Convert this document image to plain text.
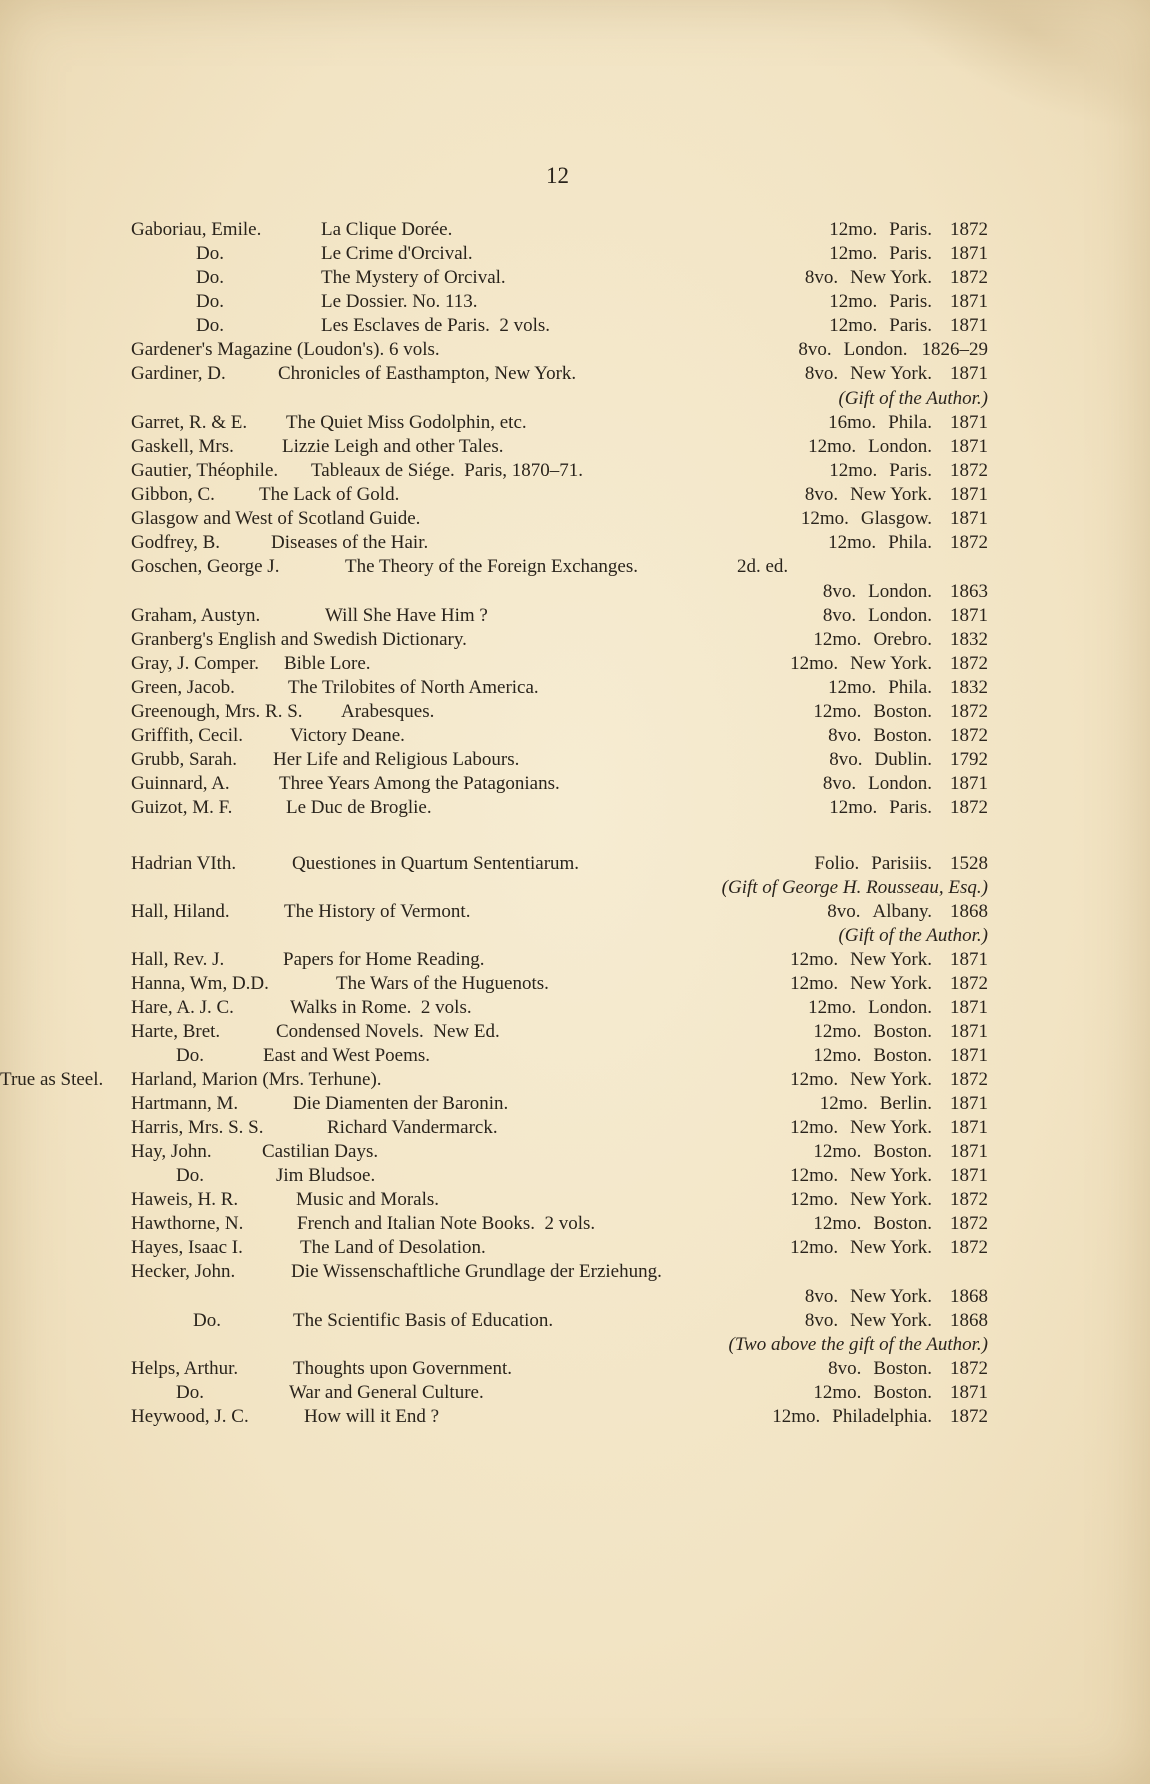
12
Gaboriau, Emile.	La Clique Dorée.	12mo. Paris. 1872
Do.	Le Crime d'Orcival.	12mo. Paris. 1871
Do.	The Mystery of Orcival.	8vo. New York. 1872
Do.	Le Dossier. No. 113.	12mo. Paris. 1871
Do.	Les Esclaves de Paris.  2 vols.	12mo. Paris. 1871
Gardener's Magazine (Loudon's). 6 vols.	8vo. London. 1826–29
Gardiner, D.	Chronicles of Easthampton, New York.	8vo. New York. 1871
(Gift of the Author.)
Garret, R. & E. The Quiet Miss Godolphin, etc.	16mo. Phila. 1871
Gaskell, Mrs.	Lizzie Leigh and other Tales.	12mo. London. 1871
Gautier, Théophile. Tableaux de Siége.  Paris, 1870–71.	12mo. Paris. 1872
Gibbon, C. The Lack of Gold.	8vo. New York. 1871
Glasgow and West of Scotland Guide.	12mo. Glasgow. 1871
Godfrey, B.	Diseases of the Hair.	12mo. Phila. 1872
Goschen, George J.	The Theory of the Foreign Exchanges.	2d. ed.
8vo. London. 1863
Graham, Austyn.	Will She Have Him ?	8vo. London. 1871
Granberg's English and Swedish Dictionary.	12mo. Orebro. 1832
Gray, J. Comper. Bible Lore.	12mo. New York. 1872
Green, Jacob.	The Trilobites of North America.	12mo. Phila. 1832
Greenough, Mrs. R. S. Arabesques.	12mo. Boston. 1872
Griffith, Cecil. Victory Deane.	8vo. Boston. 1872
Grubb, Sarah. Her Life and Religious Labours.	8vo. Dublin. 1792
Guinnard, A.	Three Years Among the Patagonians.	8vo. London. 1871
Guizot, M. F.	Le Duc de Broglie.	12mo. Paris. 1872
Hadrian VIth.	Questiones in Quartum Sententiarum.	Folio. Parisiis. 1528
(Gift of George H. Rousseau, Esq.)
Hall, Hiland.	The History of Vermont.	8vo. Albany. 1868
(Gift of the Author.)
Hall, Rev. J.	Papers for Home Reading.	12mo. New York. 1871
Hanna, Wm, D.D.	The Wars of the Huguenots.	12mo. New York. 1872
Hare, A. J. C.	Walks in Rome.  2 vols.	12mo. London. 1871
Harte, Bret.	Condensed Novels.  New Ed.	12mo. Boston. 1871
Do.	East and West Poems.	12mo. Boston. 1871
Harland, Marion (Mrs. Terhune).
True as Steel.	12mo. New York. 1872
Hartmann, M.	Die Diamenten der Baronin.	12mo. Berlin. 1871
Harris, Mrs. S. S.	Richard Vandermarck.	12mo. New York. 1871
Hay, John.	Castilian Days.	12mo. Boston. 1871
Do.	Jim Bludsoe.	12mo. New York. 1871
Haweis, H. R.	Music and Morals.	12mo. New York. 1872
Hawthorne, N.	French and Italian Note Books.  2 vols.	12mo. Boston. 1872
Hayes, Isaac I.	The Land of Desolation.	12mo. New York. 1872
Hecker, John.	Die Wissenschaftliche Grundlage der Erziehung.
8vo. New York. 1868
Do.	The Scientific Basis of Education.	8vo. New York. 1868
(Two above the gift of the Author.)
Helps, Arthur.	Thoughts upon Government.	8vo. Boston. 1872
Do.	War and General Culture.	12mo. Boston. 1871
Heywood, J. C.	How will it End ?	12mo. Philadelphia. 1872
